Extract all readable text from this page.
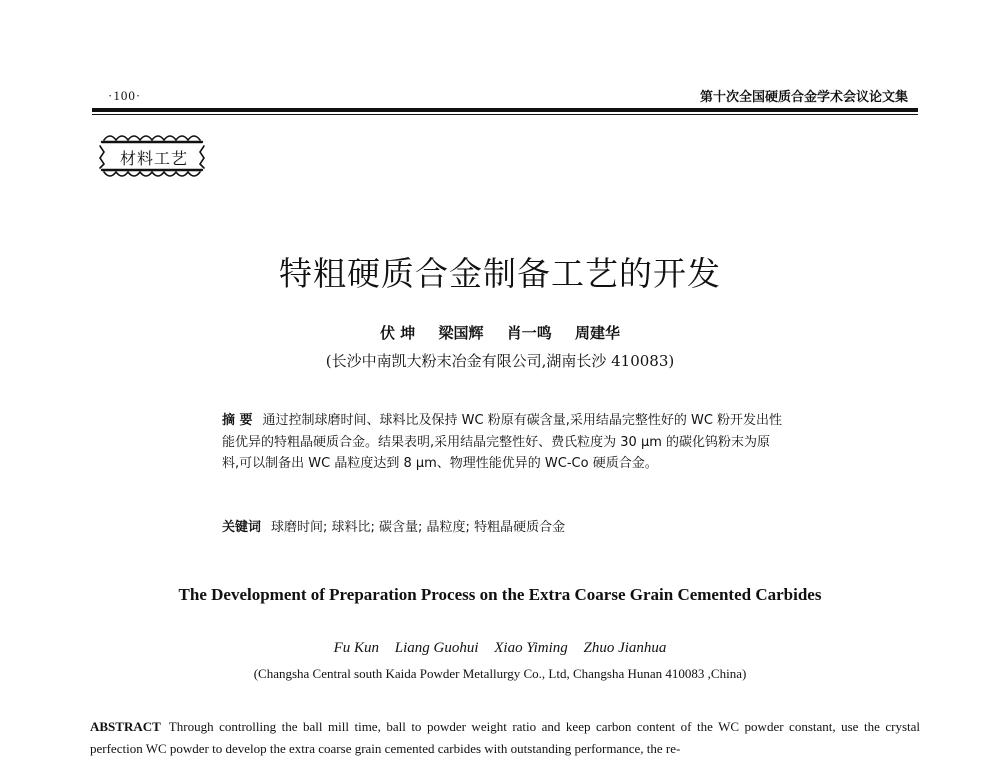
·100·	第十次全国硬质合金学术会议论文集
材料工艺
特粗硬质合金制备工艺的开发
伏 坤 梁国辉 肖一鸣 周建华
(长沙中南凯大粉末冶金有限公司,湖南长沙 410083)
摘 要 通过控制球磨时间、球料比及保持 WC 粉原有碳含量,采用结晶完整性好的 WC 粉开发出性能优异的特粗晶硬质合金。结果表明,采用结晶完整性好、费氏粒度为 30 μm 的碳化钨粉末为原料,可以制备出 WC 晶粒度达到 8 μm、物理性能优异的 WC-Co 硬质合金。
关键词 球磨时间; 球料比; 碳含量; 晶粒度; 特粗晶硬质合金
The Development of Preparation Process on the Extra Coarse Grain Cemented Carbides
Fu Kun Liang Guohui Xiao Yiming Zhuo Jianhua
(Changsha Central south Kaida Powder Metallurgy Co., Ltd, Changsha Hunan 410083 ,China)
ABSTRACT Through controlling the ball mill time, ball to powder weight ratio and keep carbon content of the WC powder constant, use the crystal perfection WC powder to develop the extra coarse grain cemented carbides with outstanding performance, the re-
